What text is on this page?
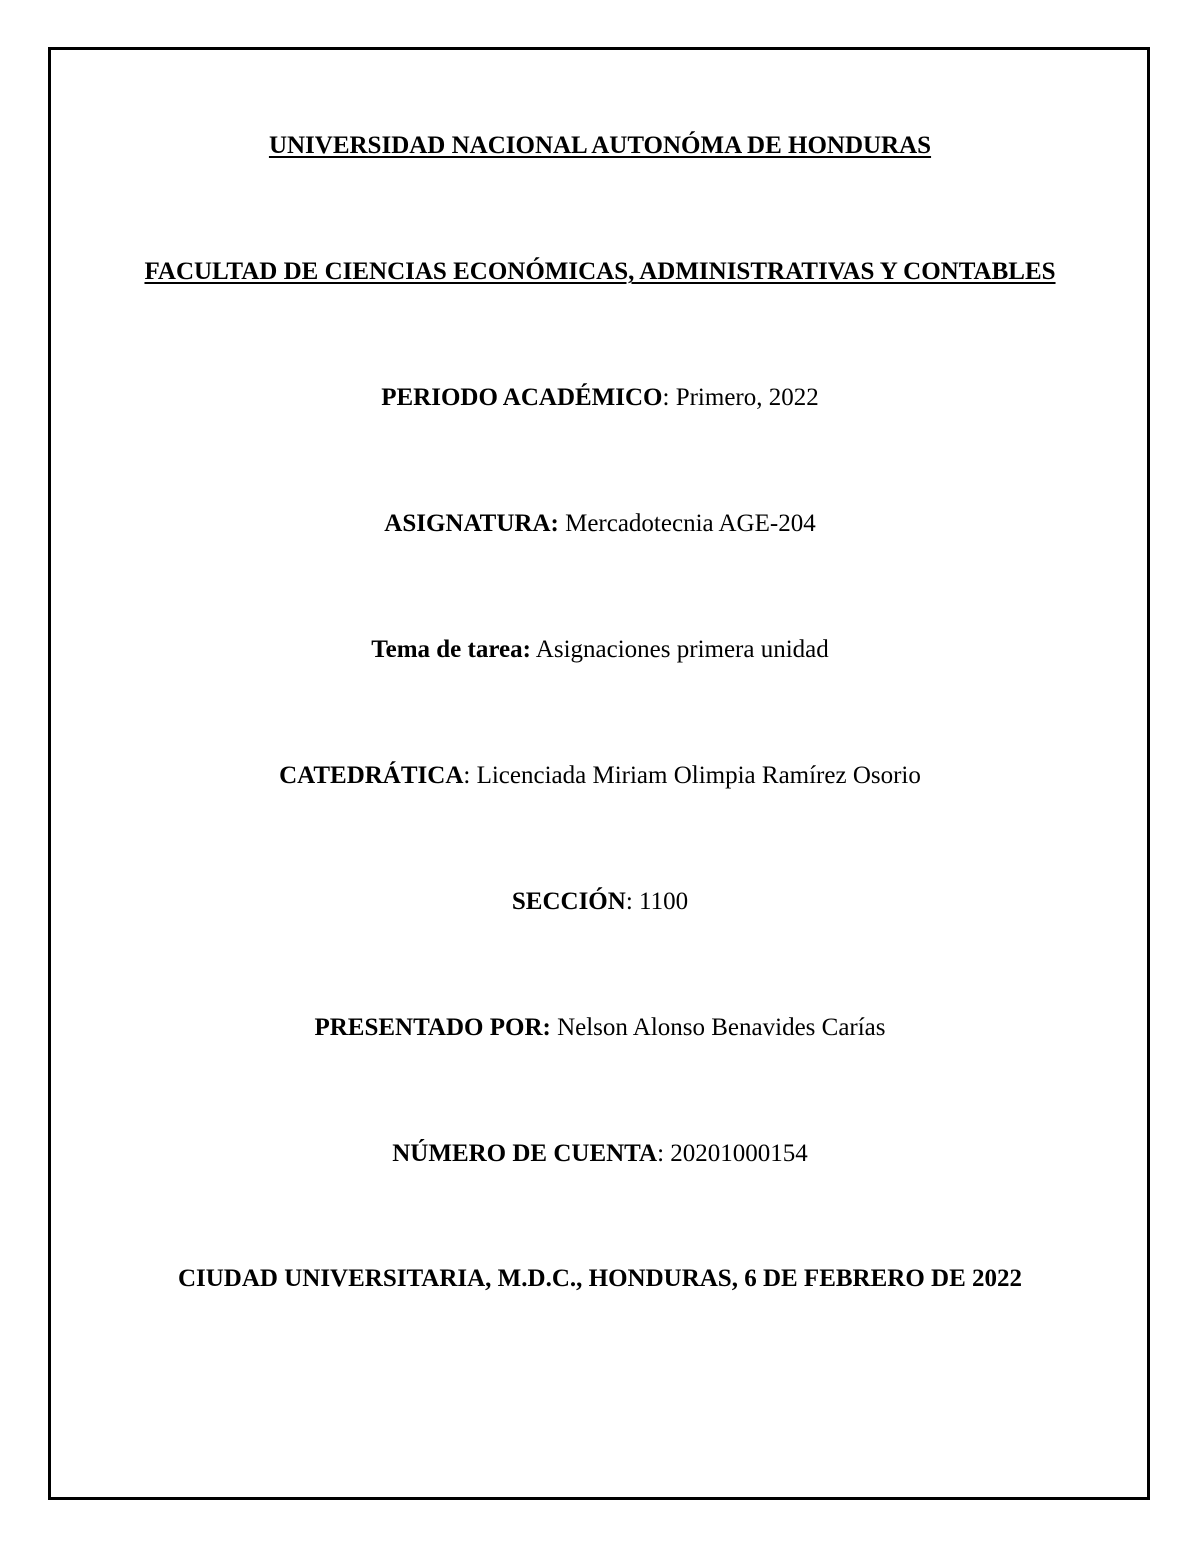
UNIVERSIDAD NACIONAL AUTONÓMA DE HONDURAS
FACULTAD DE CIENCIAS ECONÓMICAS, ADMINISTRATIVAS Y CONTABLES
PERIODO ACADÉMICO: Primero, 2022
ASIGNATURA: Mercadotecnia AGE-204
Tema de tarea: Asignaciones primera unidad
CATEDRÁTICA: Licenciada Miriam Olimpia Ramírez Osorio
SECCIÓN: 1100
PRESENTADO POR: Nelson Alonso Benavides Carías
NÚMERO DE CUENTA: 20201000154
CIUDAD UNIVERSITARIA, M.D.C., HONDURAS, 6 DE FEBRERO DE 2022
